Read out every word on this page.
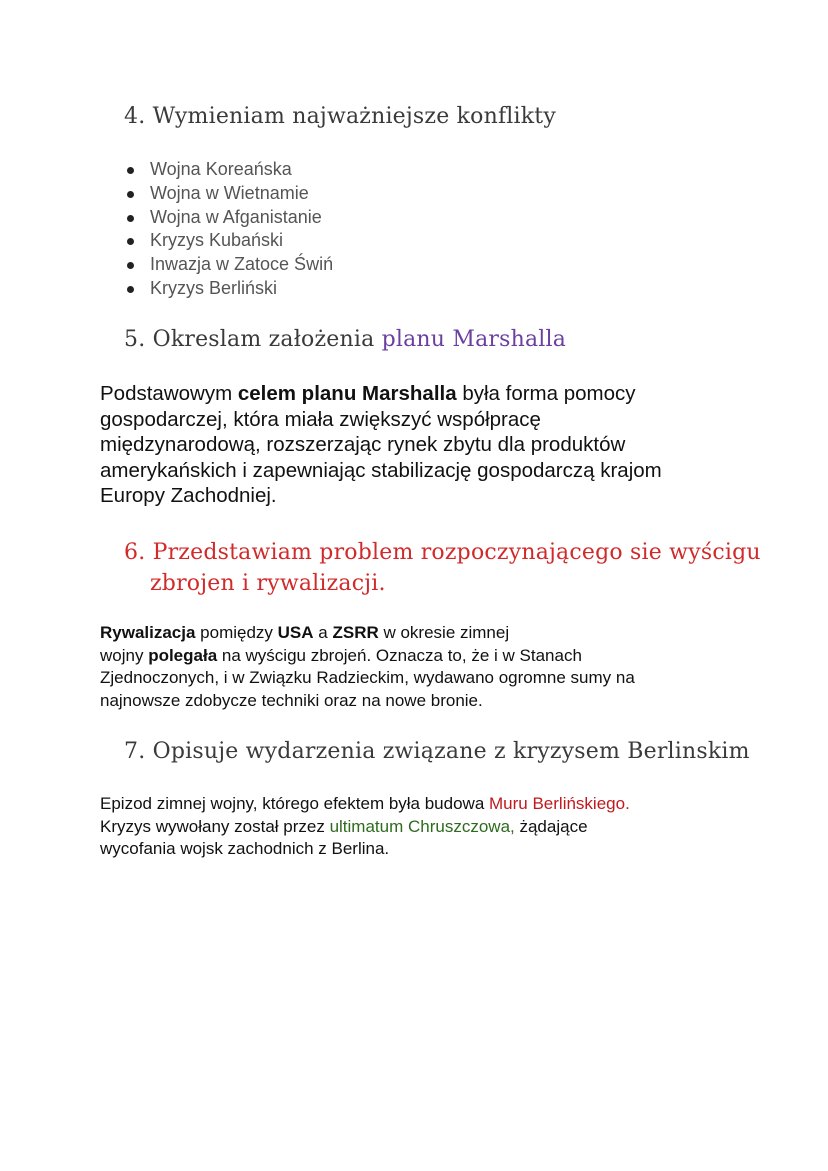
4. Wymieniam najważniejsze konflikty
Wojna Koreańska
Wojna w Wietnamie
Wojna w Afganistanie
Kryzys Kubański
Inwazja w Zatoce Świń
Kryzys Berliński
5. Okreslam założenia planu Marshalla
Podstawowym celem planu Marshalla była forma pomocy
gospodarczej, która miała zwiększyć współpracę
międzynarodową, rozszerzając rynek zbytu dla produktów
amerykańskich i zapewniając stabilizację gospodarczą krajom
Europy Zachodniej.
6. Przedstawiam problem rozpoczynającego sie wyścigu
zbrojen i rywalizacji.
Rywalizacja pomiędzy USA a ZSRR w okresie zimnej
wojny polegała na wyścigu zbrojeń. Oznacza to, że i w Stanach
Zjednoczonych, i w Związku Radzieckim, wydawano ogromne sumy na
najnowsze zdobycze techniki oraz na nowe bronie.
7. Opisuje wydarzenia związane z kryzysem Berlinskim
Epizod zimnej wojny, którego efektem była budowa Muru Berlińskiego.
Kryzys wywołany został przez ultimatum Chruszczowa, żądające
wycofania wojsk zachodnich z Berlina.
